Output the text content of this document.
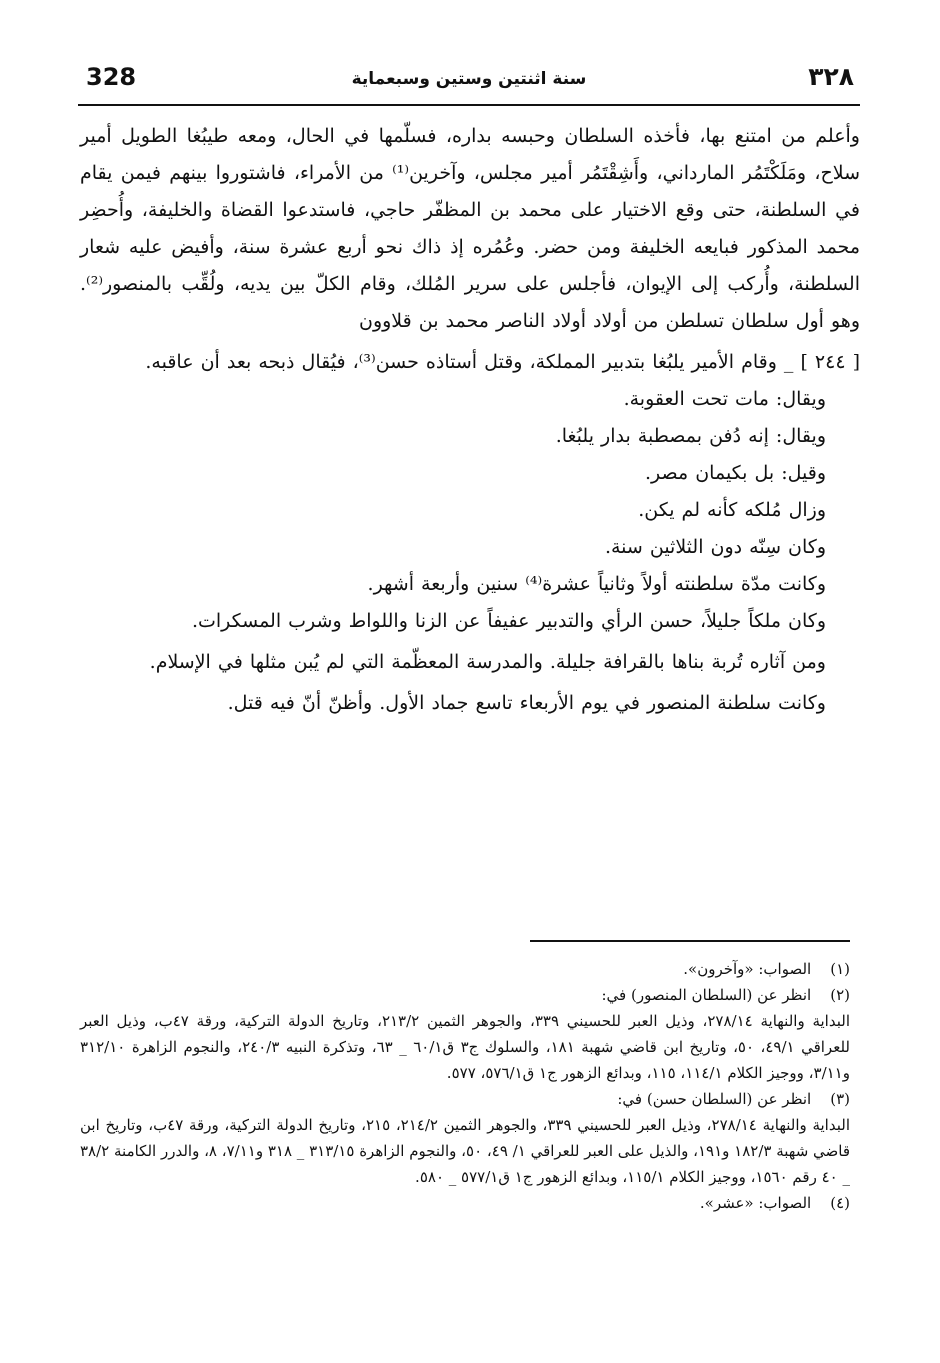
328	سنة اثنتين وستين وسبعماية	٣٢٨

وأعلم من امتنع بها، فأخذه السلطان وحبسه بداره، فسلّمها في الحال، ومعه طيبُغا الطويل أمير سلاح، ومَلَكْتَمُر المارداني، وأَشِقْتَمُر أمير مجلس، وآخرين⁽¹⁾ من الأمراء، فاشتوروا بينهم فيمن يقام في السلطنة، حتى وقع الاختيار على محمد بن المظفّر حاجي، فاستدعوا القضاة والخليفة، وأُحضِر محمد المذكور فبايعه الخليفة ومن حضر. وعُمُره إذ ذاك نحو أربع عشرة سنة، وأفيض عليه شعار السلطنة، وأُركب إلى الإيوان، فأجلس على سرير المُلك، وقام الكلّ بين يديه، ولُقِّب بالمنصور⁽²⁾. وهو أول سلطان تسلطن من أولاد أولاد الناصر محمد بن قلاوون

[ ٢٤٤ ] _ وقام الأمير يلبُغا بتدبير المملكة، وقتل أستاذه حسن⁽³⁾، فيُقال ذبحه بعد أن عاقبه.

ويقال: مات تحت العقوبة.

ويقال: إنه دُفن بمصطبة بدار يلبُغا.

وقيل: بل بكيمان مصر.

وزال مُلكه كأنه لم يكن.

وكان سِنّه دون الثلاثين سنة.

وكانت مدّة سلطنته أولاً وثانياً عشرة⁽⁴⁾ سنين وأربعة أشهر.

وكان ملكاً جليلاً، حسن الرأي والتدبير عفيفاً عن الزنا واللواط وشرب المسكرات.

ومن آثاره تُربة بناها بالقرافة جليلة. والمدرسة المعظّمة التي لم يُبن مثلها في الإسلام.

وكانت سلطنة المنصور في يوم الأربعاء تاسع جماد الأول. وأظنّ أنّ فيه قتل.

(١) الصواب: «وآخرون».

(٢) انظر عن (السلطان المنصور) في:

البداية والنهاية ٢٧٨/١٤، وذيل العبر للحسيني ٣٣٩، والجوهر الثمين ٢١٣/٢، وتاريخ الدولة التركية، ورقة ٤٧ب، وذيل العبر للعراقي ٤٩/١، ٥٠، وتاريخ ابن قاضي شهبة ١٨١، والسلوك ج٣ ق٦٠/١ _ ٦٣، وتذكرة النبيه ٢٤٠/٣، والنجوم الزاهرة ٣١٢/١٠ و٣/١١، ووجيز الكلام ١١٤/١، ١١٥، وبدائع الزهور ج١ ق٥٧٦/١، ٥٧٧.

(٣) انظر عن (السلطان حسن) في:

البداية والنهاية ٢٧٨/١٤، وذيل العبر للحسيني ٣٣٩، والجوهر الثمين ٢١٤/٢، ٢١٥، وتاريخ الدولة التركية، ورقة ٤٧ب، وتاريخ ابن قاضي شهبة ١٨٢/٣ و١٩١، والذيل على العبر للعراقي ١/ ٤٩، ٥٠، والنجوم الزاهرة ٣١٣/١٥ _ ٣١٨ و٧/١١، ٨، والدرر الكامنة ٣٨/٢ _ ٤٠ رقم ١٥٦٠، ووجيز الكلام ١١٥/١، وبدائع الزهور ج١ ق٥٧٧/١ _ ٥٨٠.

(٤) الصواب: «عشر».
